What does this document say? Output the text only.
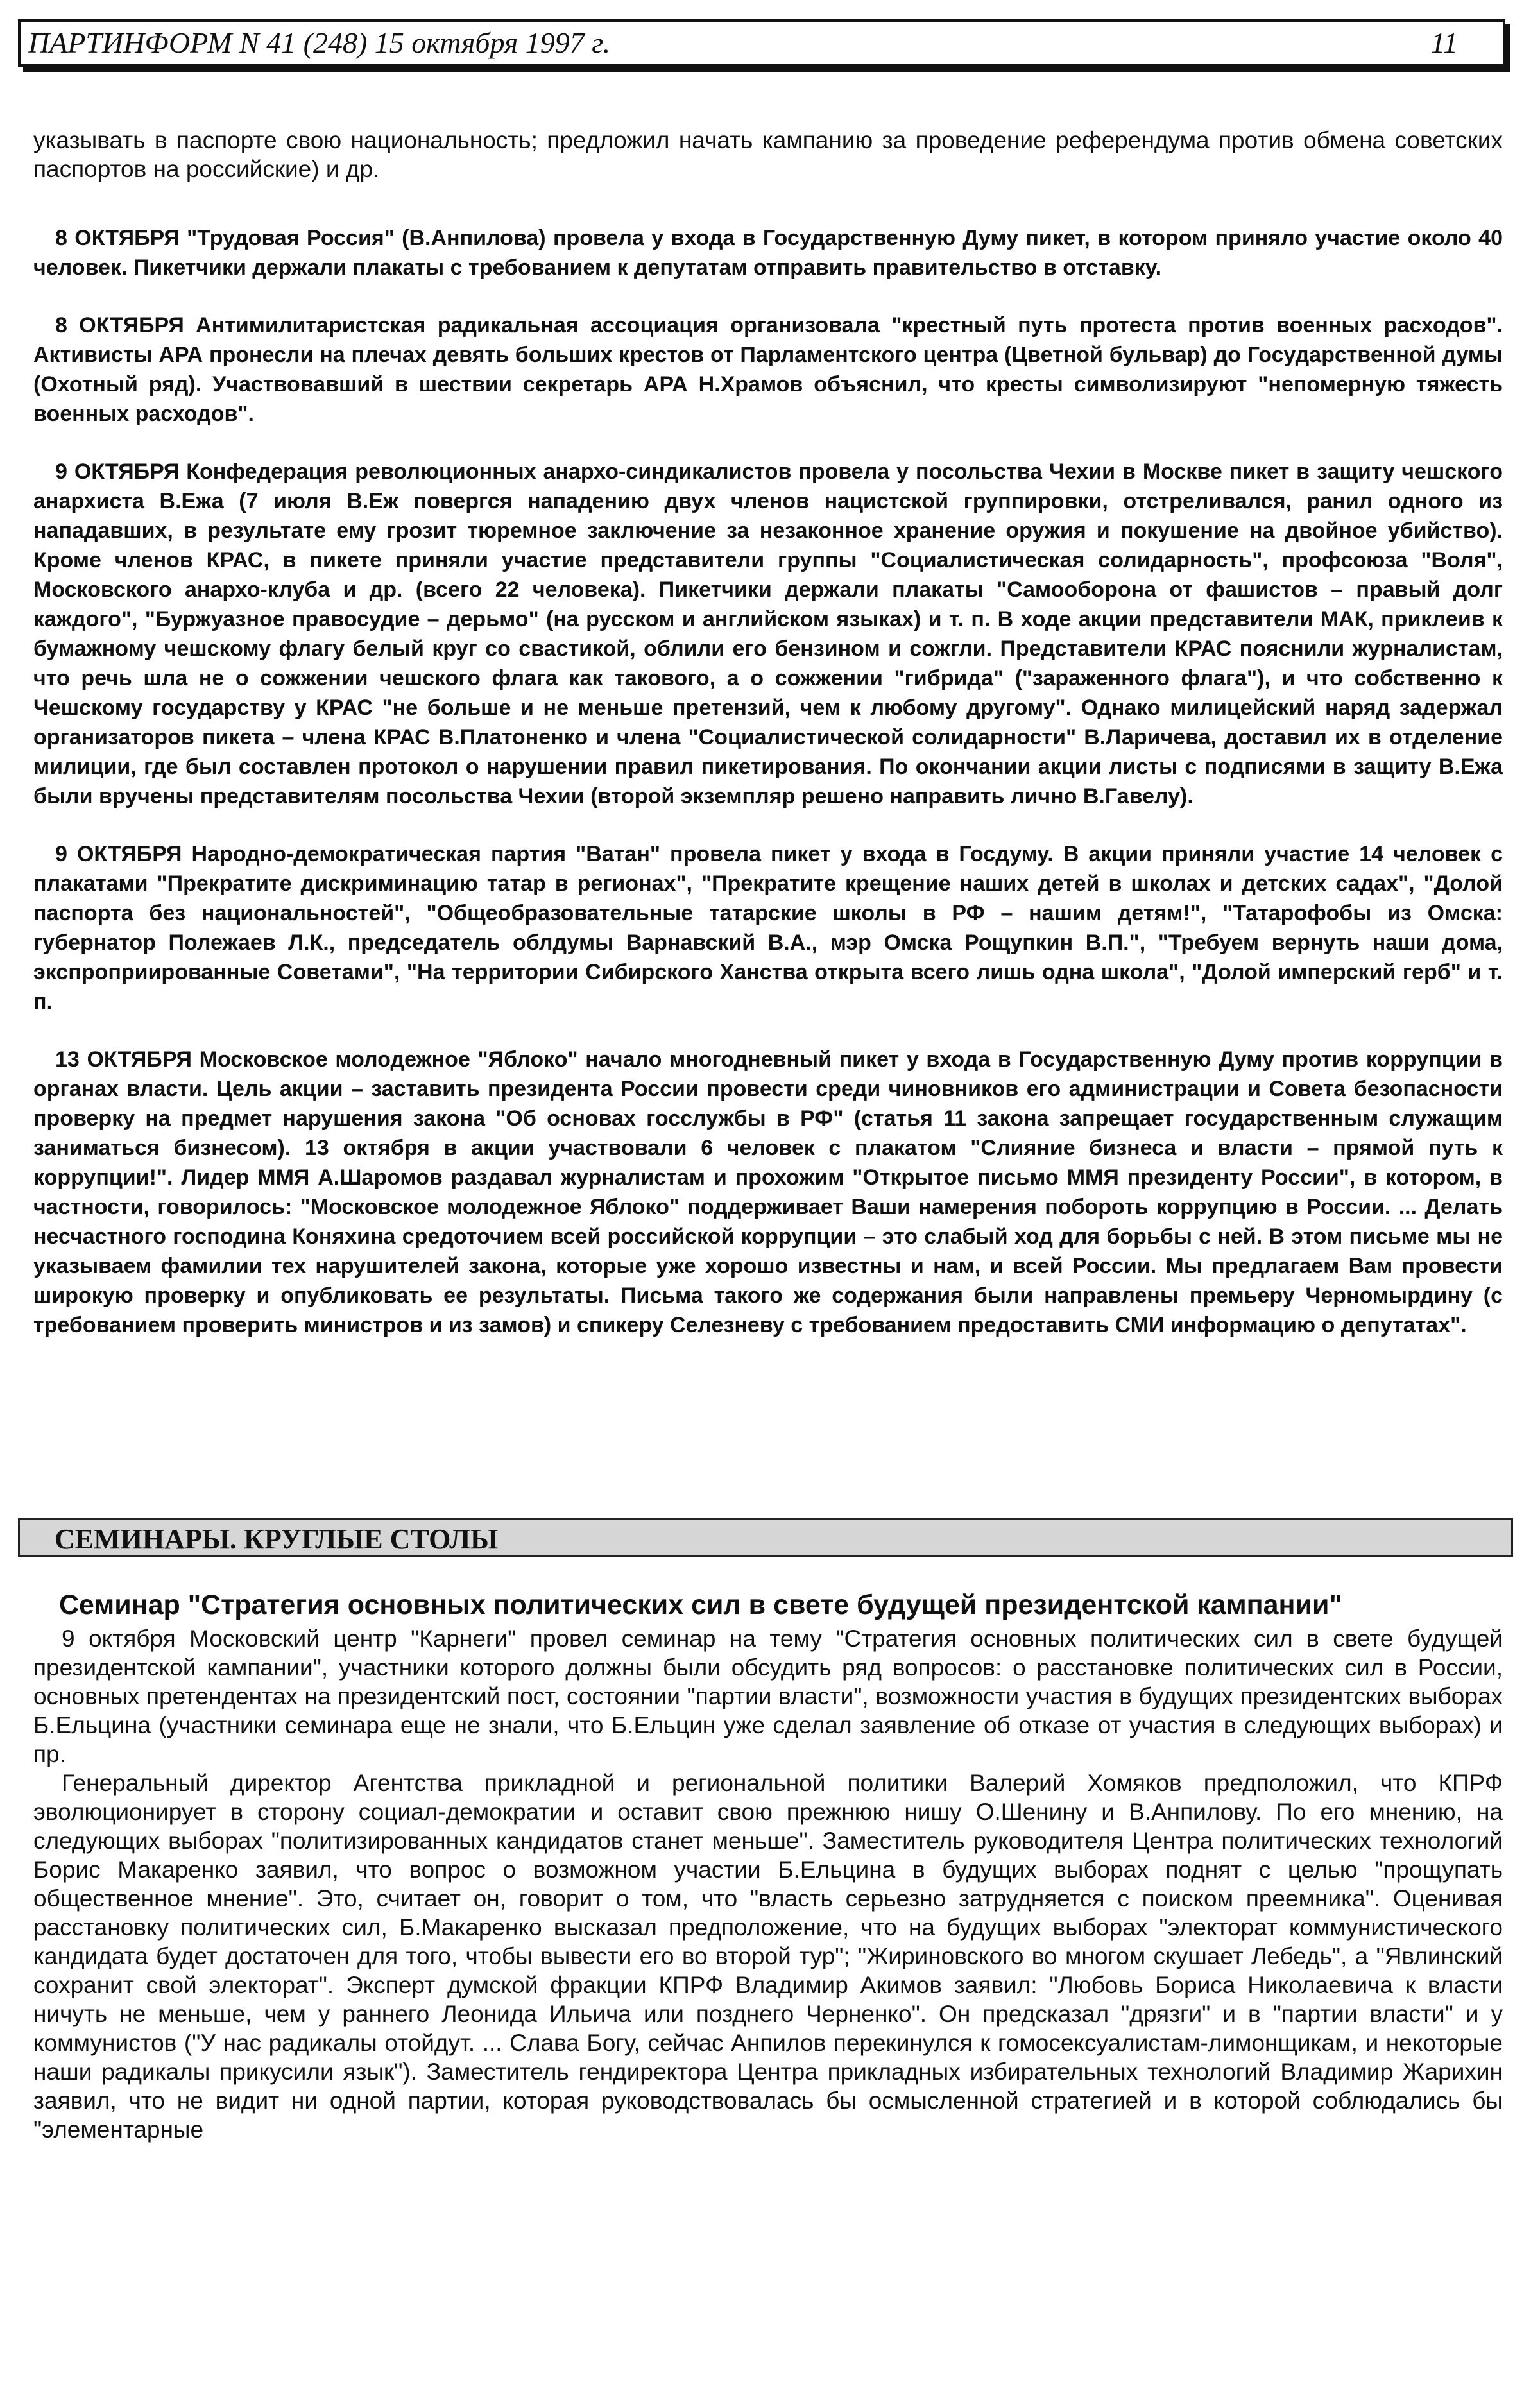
ПАРТИНФОРМ N 41 (248) 15 октября 1997 г.	11

указывать в паспорте свою национальность; предложил начать кампанию за проведение референдума против обмена советских паспортов на российские) и др.

8 ОКТЯБРЯ "Трудовая Россия" (В.Анпилова) провела у входа в Государственную Думу пикет, в котором приняло участие около 40 человек. Пикетчики держали плакаты с требованием к депутатам отправить правительство в отставку.

8 ОКТЯБРЯ Антимилитаристская радикальная ассоциация организовала "крестный путь протеста против военных расходов". Активисты АРА пронесли на плечах девять больших крестов от Парламентского центра (Цветной бульвар) до Государственной думы (Охотный ряд). Участвовавший в шествии секретарь АРА Н.Храмов объяснил, что кресты символизируют "непомерную тяжесть военных расходов".

9 ОКТЯБРЯ Конфедерация революционных анархо-синдикалистов провела у посольства Чехии в Москве пикет в защиту чешского анархиста В.Ежа (7 июля В.Еж повергся нападению двух членов нацистской группировки, отстреливался, ранил одного из нападавших, в результате ему грозит тюремное заключение за незаконное хранение оружия и покушение на двойное убийство). Кроме членов КРАС, в пикете приняли участие представители группы "Социалистическая солидарность", профсоюза "Воля", Московского анархо-клуба и др. (всего 22 человека). Пикетчики держали плакаты "Самооборона от фашистов – правый долг каждого", "Буржуазное правосудие – дерьмо" (на русском и английском языках) и т. п. В ходе акции представители МАК, приклеив к бумажному чешскому флагу белый круг со свастикой, облили его бензином и сожгли. Представители КРАС пояснили журналистам, что речь шла не о сожжении чешского флага как такового, а о сожжении "гибрида" ("зараженного флага"), и что собственно к Чешскому государству у КРАС "не больше и не меньше претензий, чем к любому другому". Однако милицейский наряд задержал организаторов пикета – члена КРАС В.Платоненко и члена "Социалистической солидарности" В.Ларичева, доставил их в отделение милиции, где был составлен протокол о нарушении правил пикетирования. По окончании акции листы с подписями в защиту В.Ежа были вручены представителям посольства Чехии (второй экземпляр решено направить лично В.Гавелу).

9 ОКТЯБРЯ Народно-демократическая партия "Ватан" провела пикет у входа в Госдуму. В акции приняли участие 14 человек с плакатами "Прекратите дискриминацию татар в регионах", "Прекратите крещение наших детей в школах и детских садах", "Долой паспорта без национальностей", "Общеобразовательные татарские школы в РФ – нашим детям!", "Татарофобы из Омска: губернатор Полежаев Л.К., председатель облдумы Варнавский В.А., мэр Омска Рощупкин В.П.", "Требуем вернуть наши дома, экспроприированные Советами", "На территории Сибирского Ханства открыта всего лишь одна школа", "Долой имперский герб" и т. п.

13 ОКТЯБРЯ Московское молодежное "Яблоко" начало многодневный пикет у входа в Государственную Думу против коррупции в органах власти. Цель акции – заставить президента России провести среди чиновников его администрации и Совета безопасности проверку на предмет нарушения закона "Об основах госслужбы в РФ" (статья 11 закона запрещает государственным служащим заниматься бизнесом). 13 октября в акции участвовали 6 человек с плакатом "Слияние бизнеса и власти – прямой путь к коррупции!". Лидер ММЯ А.Шаромов раздавал журналистам и прохожим "Открытое письмо ММЯ президенту России", в котором, в частности, говорилось: "Московское молодежное Яблоко" поддерживает Ваши намерения побороть коррупцию в России. ... Делать несчастного господина Коняхина средоточием всей российской коррупции – это слабый ход для борьбы с ней. В этом письме мы не указываем фамилии тех нарушителей закона, которые уже хорошо известны и нам, и всей России. Мы предлагаем Вам провести широкую проверку и опубликовать ее результаты. Письма такого же содержания были направлены премьеру Черномырдину (с требованием проверить министров и из замов) и спикеру Селезневу с требованием предоставить СМИ информацию о депутатах".

СЕМИНАРЫ. КРУГЛЫЕ СТОЛЫ
Семинар "Стратегия основных политических сил в свете будущей президентской кампании"

9 октября Московский центр "Карнеги" провел семинар на тему "Стратегия основных политических сил в свете будущей президентской кампании", участники которого должны были обсудить ряд вопросов: о расстановке политических сил в России, основных претендентах на президентский пост, состоянии "партии власти", возможности участия в будущих президентских выборах Б.Ельцина (участники семинара еще не знали, что Б.Ельцин уже сделал заявление об отказе от участия в следующих выборах) и пр.

Генеральный директор Агентства прикладной и региональной политики Валерий Хомяков предположил, что КПРФ эволюционирует в сторону социал-демократии и оставит свою прежнюю нишу О.Шенину и В.Анпилову. По его мнению, на следующих выборах "политизированных кандидатов станет меньше". Заместитель руководителя Центра политических технологий Борис Макаренко заявил, что вопрос о возможном участии Б.Ельцина в будущих выборах поднят с целью "прощупать общественное мнение". Это, считает он, говорит о том, что "власть серьезно затрудняется с поиском преемника". Оценивая расстановку политических сил, Б.Макаренко высказал предположение, что на будущих выборах "электорат коммунистического кандидата будет достаточен для того, чтобы вывести его во второй тур"; "Жириновского во многом скушает Лебедь", а "Явлинский сохранит свой электорат". Эксперт думской фракции КПРФ Владимир Акимов заявил: "Любовь Бориса Николаевича к власти ничуть не меньше, чем у раннего Леонида Ильича или позднего Черненко". Он предсказал "дрязги" и в "партии власти" и у коммунистов ("У нас радикалы отойдут. ... Слава Богу, сейчас Анпилов перекинулся к гомосексуалистам-лимонщикам, и некоторые наши радикалы прикусили язык"). Заместитель гендиректора Центра прикладных избирательных технологий Владимир Жарихин заявил, что не видит ни одной партии, которая руководствовалась бы осмысленной стратегией и в которой соблюдались бы "элементарные
